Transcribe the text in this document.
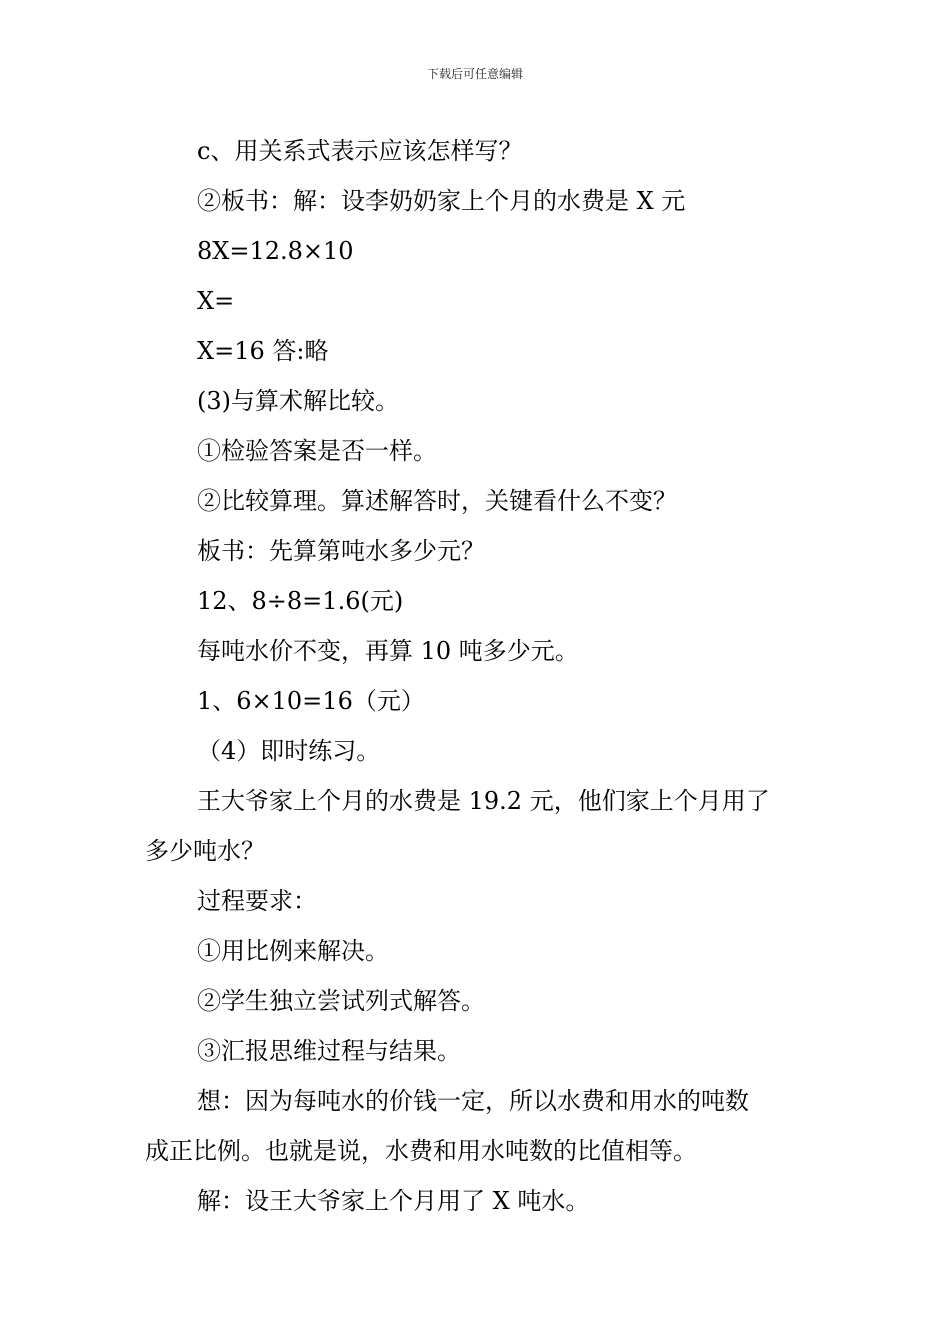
下载后可任意编辑
c、用关系式表示应该怎样写？
②板书：解：设李奶奶家上个月的水费是 X 元
8X=12.8×10
X=
X=16 答:略
(3)与算术解比较。
①检验答案是否一样。
②比较算理。算述解答时，关键看什么不变？
板书：先算第吨水多少元？
12、8÷8=1.6(元)
每吨水价不变，再算 10 吨多少元。
1、6×10=16（元）
（4）即时练习。
王大爷家上个月的水费是 19.2 元，他们家上个月用了
多少吨水？
过程要求：
①用比例来解决。
②学生独立尝试列式解答。
③汇报思维过程与结果。
想：因为每吨水的价钱一定，所以水费和用水的吨数
成正比例。也就是说，水费和用水吨数的比值相等。
解：设王大爷家上个月用了 X 吨水。
